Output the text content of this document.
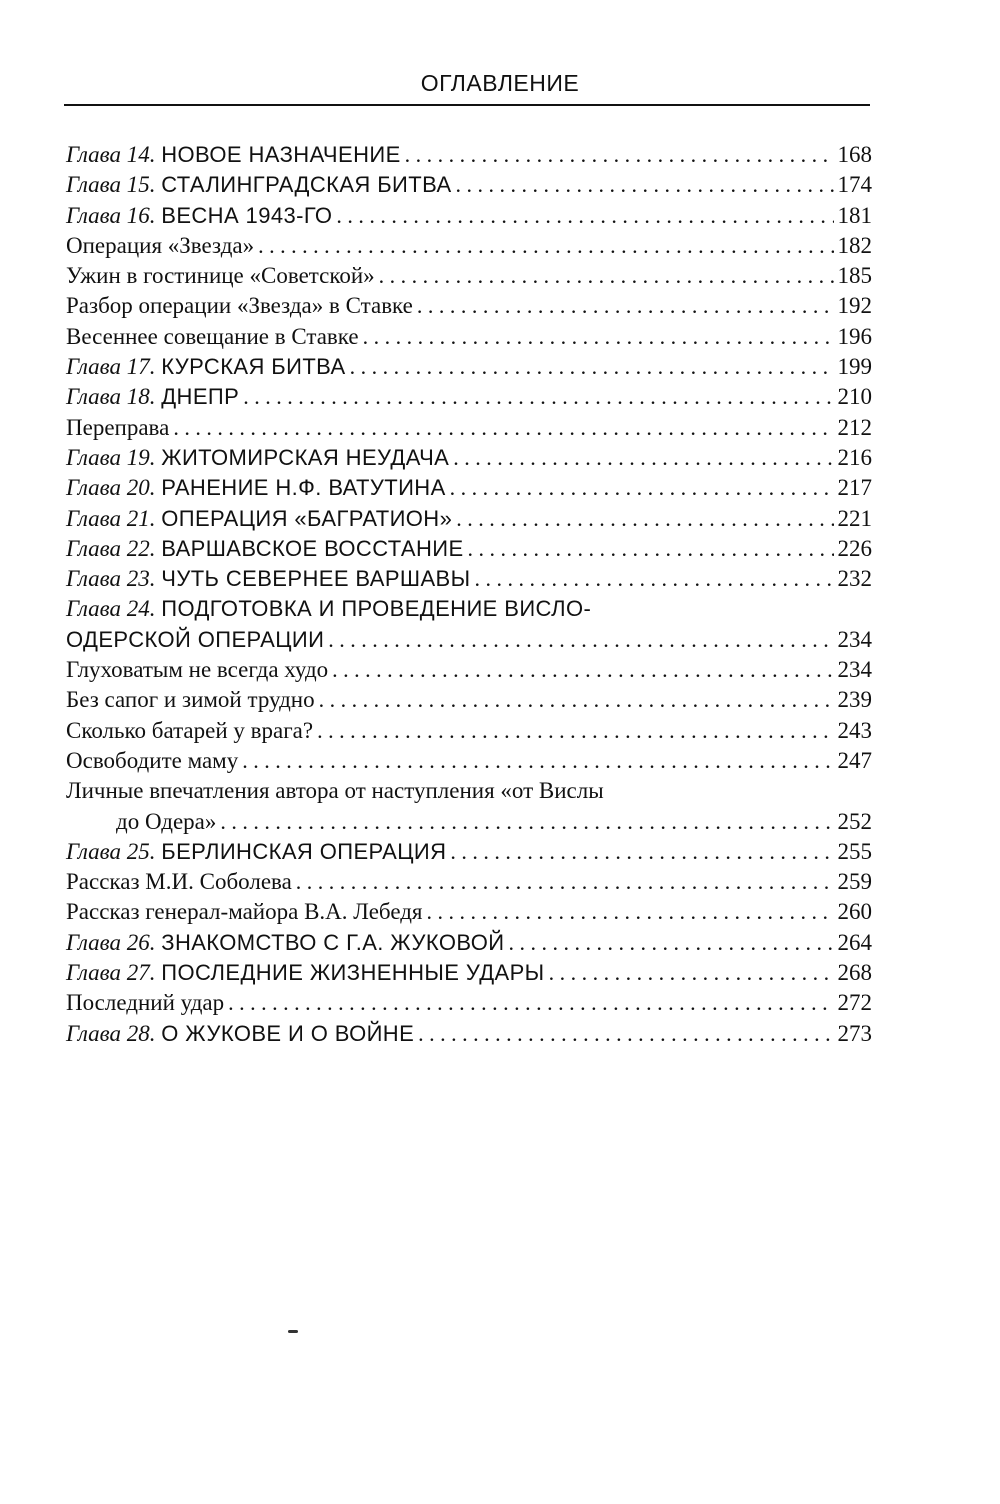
ОГЛАВЛЕНИЕ
Глава 14. НОВОЕ НАЗНАЧЕНИЕ . . .	168
Глава 15. СТАЛИНГРАДСКАЯ БИТВА . . .	174
Глава 16. ВЕСНА 1943-ГО . . .	181
Операция «Звезда» . . .	182
Ужин в гостинице «Советской» . . .	185
Разбор операции «Звезда» в Ставке . . .	192
Весеннее совещание в Ставке . . .	196
Глава 17. КУРСКАЯ БИТВА . . .	199
Глава 18. ДНЕПР . . .	210
Переправа . . .	212
Глава 19. ЖИТОМИРСКАЯ НЕУДАЧА . . .	216
Глава 20. РАНЕНИЕ Н.Ф. ВАТУТИНА . . .	217
Глава 21. ОПЕРАЦИЯ «БАГРАТИОН» . . .	221
Глава 22. ВАРШАВСКОЕ ВОССТАНИЕ . . .	226
Глава 23. ЧУТЬ СЕВЕРНЕЕ ВАРШАВЫ . . .	232
Глава 24. ПОДГОТОВКА И ПРОВЕДЕНИЕ ВИСЛО-
ОДЕРСКОЙ ОПЕРАЦИИ . . .	234
Глуховатым не всегда худо . . .	234
Без сапог и зимой трудно . . .	239
Сколько батарей у врага? . . .	243
Освободите маму . . .	247
Личные впечатления автора от наступления «от Вислы
до Одера» . . .	252
Глава 25. БЕРЛИНСКАЯ ОПЕРАЦИЯ . . .	255
Рассказ М.И. Соболева . . .	259
Рассказ генерал-майора В.А. Лебедя . . .	260
Глава 26. ЗНАКОМСТВО С Г.А. ЖУКОВОЙ . . .	264
Глава 27. ПОСЛЕДНИЕ ЖИЗНЕННЫЕ УДАРЫ . . .	268
Последний удар . . .	272
Глава 28. О ЖУКОВЕ И О ВОЙНЕ . . .	273
